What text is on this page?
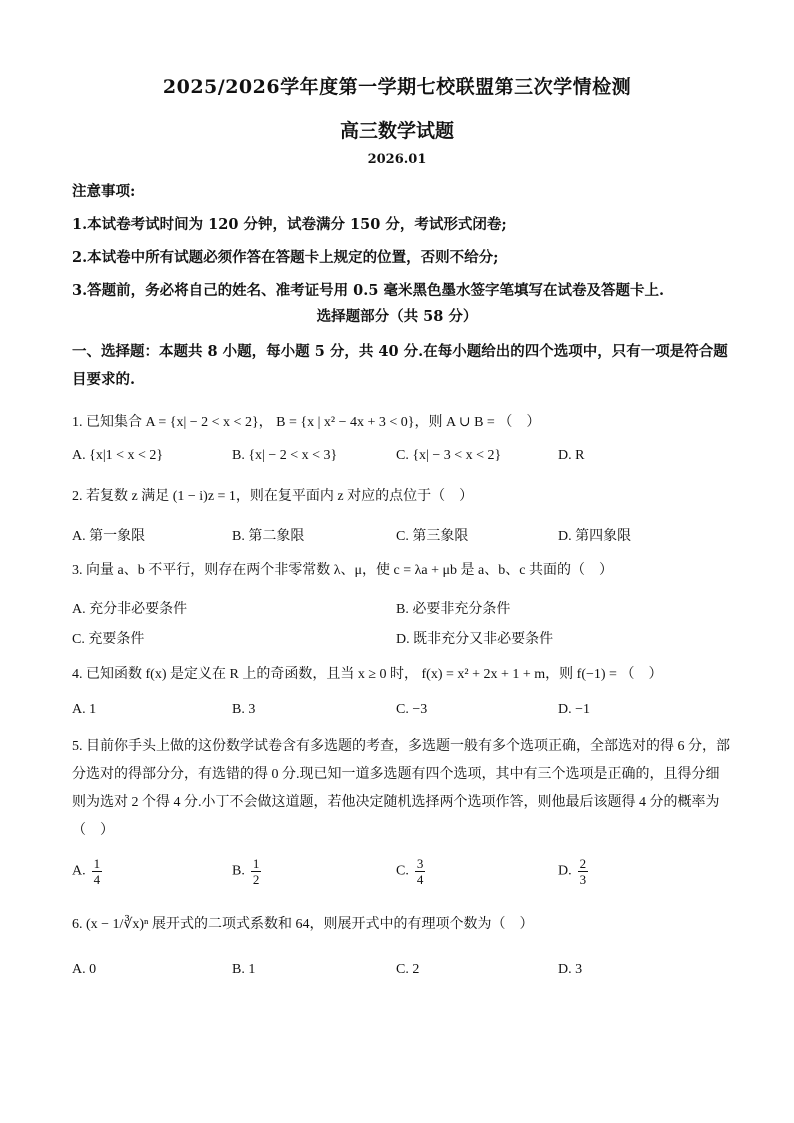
2025/2026学年度第一学期七校联盟第三次学情检测
高三数学试题
2026.01
注意事项:
1.本试卷考试时间为 120 分钟，试卷满分 150 分，考试形式闭卷;
2.本试卷中所有试题必须作答在答题卡上规定的位置，否则不给分;
3.答题前，务必将自己的姓名、准考证号用 0.5 毫米黑色墨水签字笔填写在试卷及答题卡上.
选择题部分（共 58 分）
一、选择题：本题共 8 小题，每小题 5 分，共 40 分.在每小题给出的四个选项中，只有一项是符合题目要求的.
1. 已知集合 A = {x| − 2 < x < 2}， B = {x | x² − 4x + 3 < 0}，则 A ∪ B = （　）
A. {x|1 < x < 2}	B. {x| − 2 < x < 3}	C. {x| − 3 < x < 2}	D. R
2. 若复数 z 满足 (1 − i)z = 1，则在复平面内 z 对应的点位于（　）
A. 第一象限	B. 第二象限	C. 第三象限	D. 第四象限
3. 向量 a、b 不平行，则存在两个非零常数 λ、μ，使 c = λa + μb 是 a、b、c 共面的（　）
A. 充分非必要条件	B. 必要非充分条件
C. 充要条件	D. 既非充分又非必要条件
4. 已知函数 f(x) 是定义在 R 上的奇函数，且当 x ≥ 0 时， f(x) = x² + 2x + 1 + m，则 f(−1) = （　）
A. 1	B. 3	C. −3	D. −1
5. 目前你手头上做的这份数学试卷含有多选题的考查，多选题一般有多个选项正确，全部选对的得 6 分，部分选对的得部分分，有选错的得 0 分.现已知一道多选题有四个选项，其中有三个选项是正确的，且得分细则为选对 2 个得 4 分.小丁不会做这道题，若他决定随机选择两个选项作答，则他最后该题得 4 分的概率为（　）
A. $\frac{1}{4}$	B. $\frac{1}{2}$	C. $\frac{3}{4}$	D. $\frac{2}{3}$
6. (x − 1/∛x)ⁿ 展开式的二项式系数和 64，则展开式中的有理项个数为（　）
A. 0	B. 1	C. 2	D. 3
